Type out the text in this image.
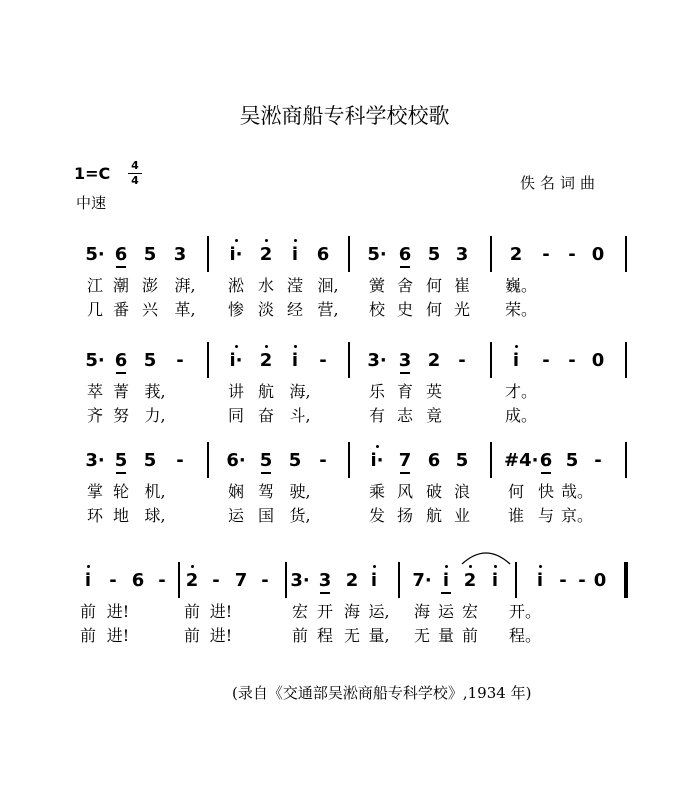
吴淞商船专科学校校歌
1=C 4
4
中速
佚名词曲
5· 6 5 3	i· 2	i	6	5· 6 5 3	2	-	- 0
江 潮 澎	湃,	淞 水 滢 洄,	黉 舍 何 崔 巍。
几 番 兴	革,	惨 淡 经 营,	校 史 何 光 荣。
5· 6 5	-	i· 2	i	-	3· 3 2 -	i	-	- 0
萃 菁 莪,	讲 航 海,	乐 育 英	才。
齐 努 力,	同 奋 斗,	有 志 竟	成。
3· 5 5	-	6· 5 5 -	i· 7 6 5	#4· 6 5 -
掌 轮 机,	娴 驾 驶,	乘 风 破 浪 何 快 哉。
环 地 球,	运 国 货,	发 扬 航 业 谁 与 京。
i	- 6 -	2 - 7 -	3· 3 2 i	7· i 2 i	i - - 0
前 进!	前 进!	宏 开 海 运,	海 运 宏 开。
前 进!	前 进!	前 程 无 量,	无 量 前 程。
(录自《交通部吴淞商船专科学校》,1934 年)
